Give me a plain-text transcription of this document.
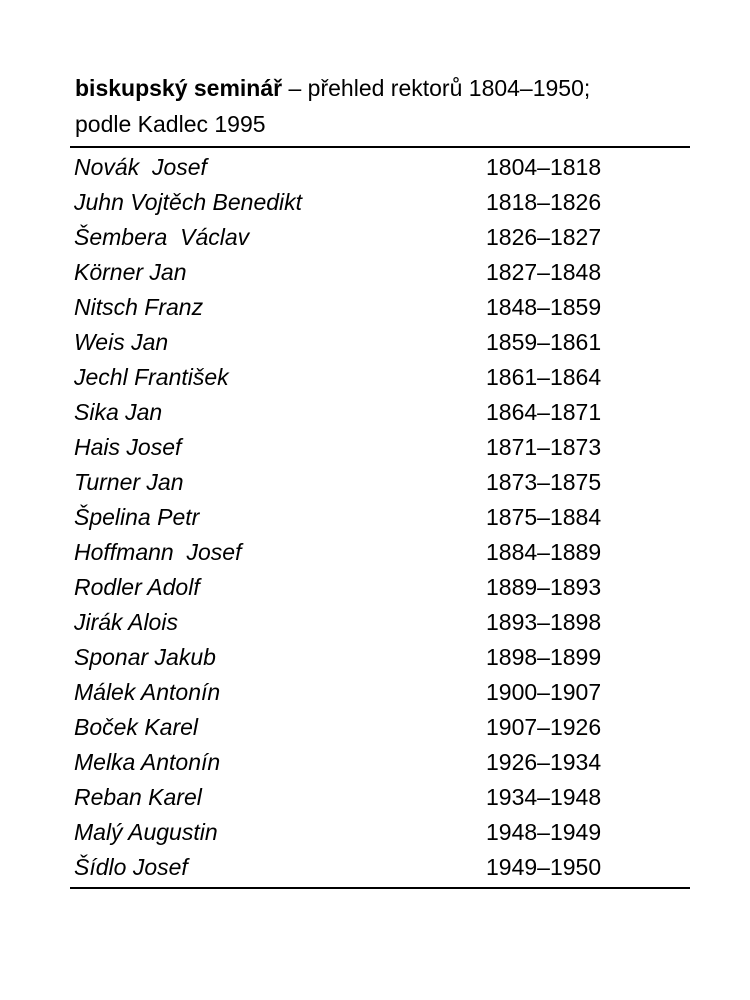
biskupský seminář – přehled rektorů 1804–1950;
podle Kadlec 1995
Novák  Josef	1804–1818
Juhn Vojtěch Benedikt	1818–1826
Šembera  Václav	1826–1827
Körner Jan	1827–1848
Nitsch Franz	1848–1859
Weis Jan	1859–1861
Jechl František	1861–1864
Sika Jan	1864–1871
Hais Josef	1871–1873
Turner Jan	1873–1875
Špelina Petr	1875–1884
Hoffmann  Josef	1884–1889
Rodler Adolf	1889–1893
Jirák Alois	1893–1898
Sponar Jakub	1898–1899
Málek Antonín	1900–1907
Boček Karel	1907–1926
Melka Antonín	1926–1934
Reban Karel	1934–1948
Malý Augustin	1948–1949
Šídlo Josef	1949–1950
